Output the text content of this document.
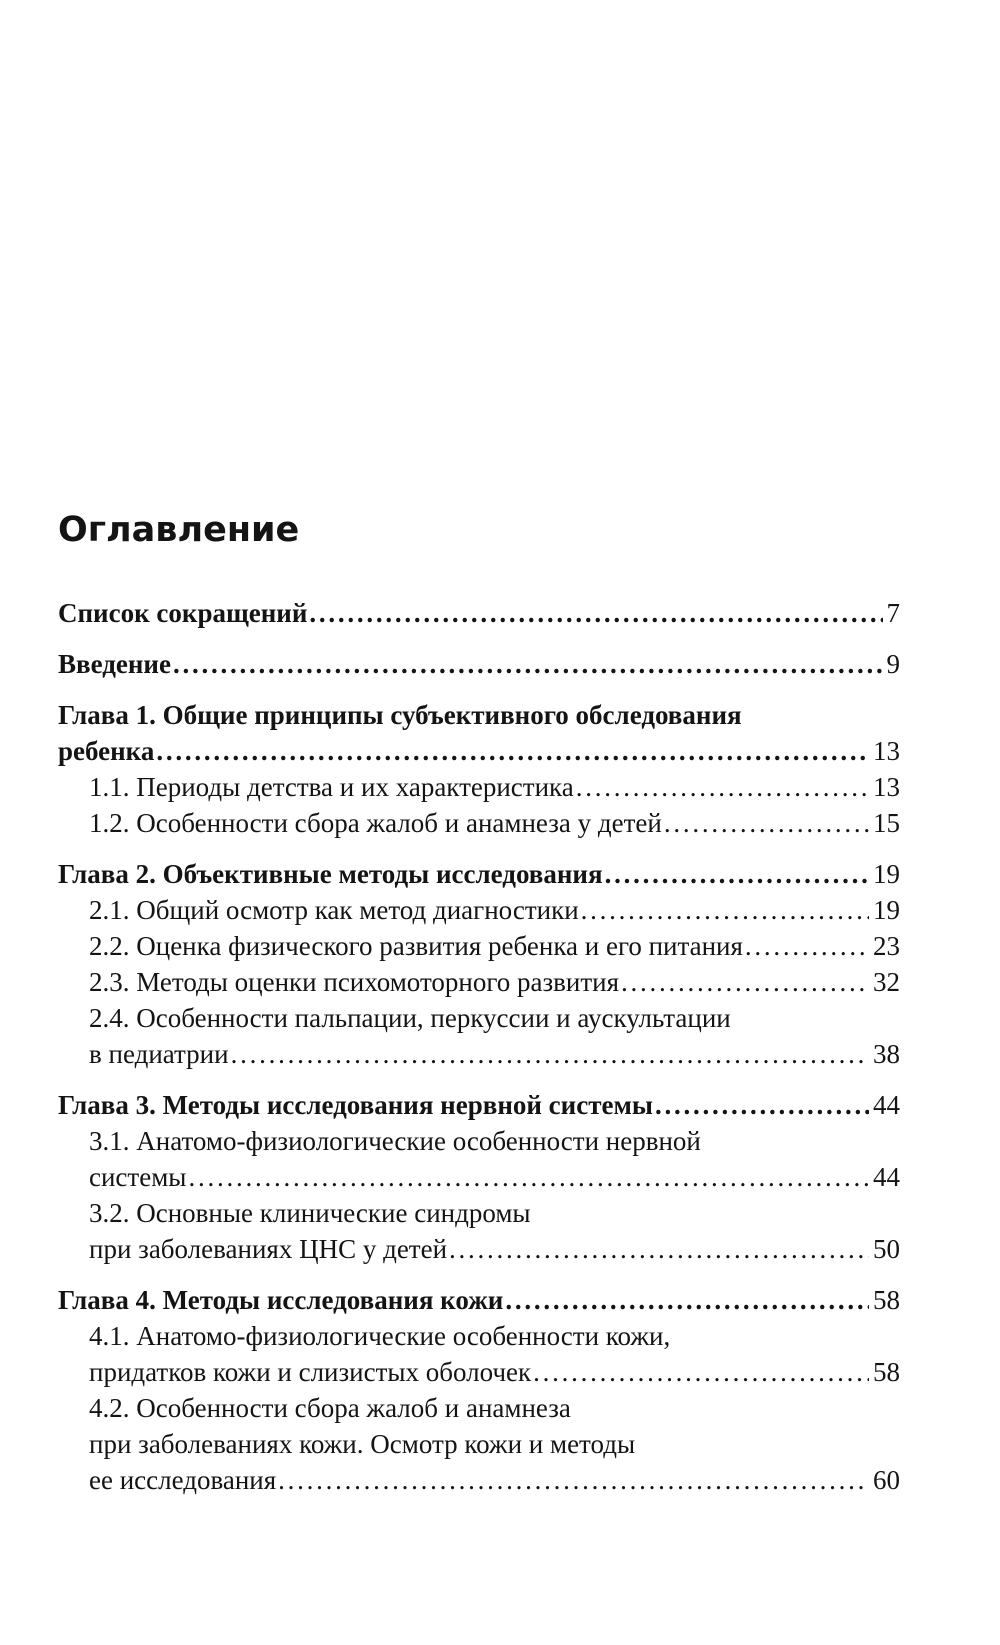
Оглавление
Список сокращений . . .	7
Введение . . .	9
Глава 1. Общие принципы субъективного обследования
ребенка . . .	13
1.1. Периоды детства и их характеристика . . .	13
1.2. Особенности сбора жалоб и анамнеза у детей . . .	15
Глава 2. Объективные методы исследования . . .	19
2.1. Общий осмотр как метод диагностики . . .	19
2.2. Оценка физического развития ребенка и его питания . . .	23
2.3. Методы оценки психомоторного развития . . .	32
2.4. Особенности пальпации, перкуссии и аускультации
в педиатрии . . .	38
Глава 3. Методы исследования нервной системы . . .	44
3.1. Анатомо-физиологические особенности нервной
системы . . .	44
3.2. Основные клинические синдромы
при заболеваниях ЦНС у детей . . .	50
Глава 4. Методы исследования кожи . . .	58
4.1. Анатомо-физиологические особенности кожи,
придатков кожи и слизистых оболочек . . .	58
4.2. Особенности сбора жалоб и анамнеза
при заболеваниях кожи. Осмотр кожи и методы
ее исследования . . .	60
